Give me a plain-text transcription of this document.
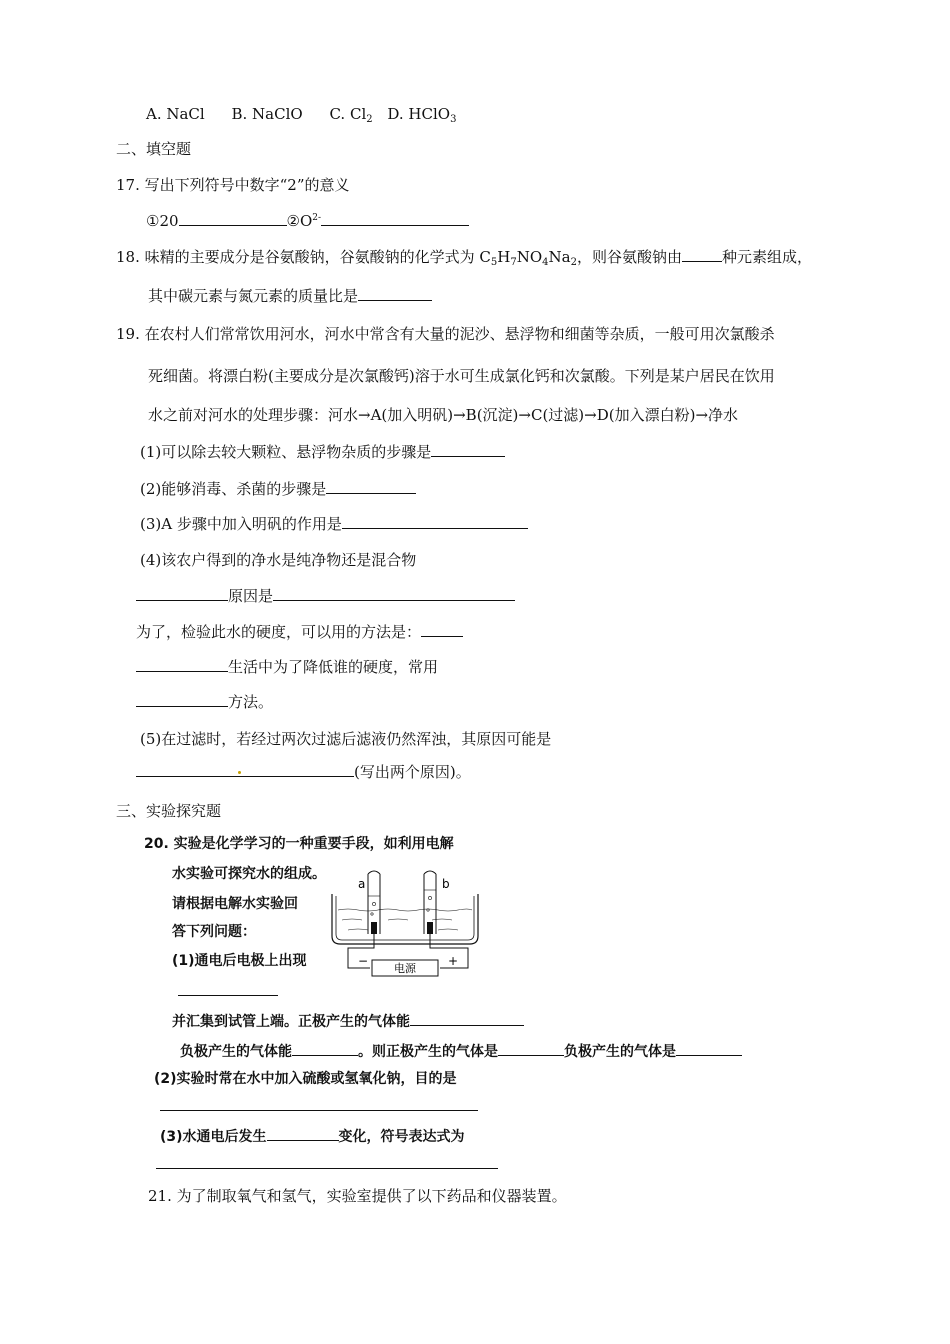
A. NaCl B. NaClO C. $Cl_2$ D. HClO$_3$
二、填空题
17. 写出下列符号中数字“2”的意义
①20	$②O^{2-}$
18. 味精的主要成分是谷氨酸钠，谷氨酸钠的化学式为 $C_5H_7NO_4Na_2$，则谷氨酸钠由	种元素组成，
其中碳元素与氮元素的质量比是
19. 在农村人们常常饮用河水，河水中常含有大量的泥沙、悬浮物和细菌等杂质，一般可用次氯酸杀
死细菌。将漂白粉(主要成分是次氯酸钙)溶于水可生成氯化钙和次氯酸。下列是某户居民在饮用
水之前对河水的处理步骤：河水→A(加入明矾)→B(沉淀)→C(过滤)→D(加入漂白粉)→净水
(1)可以除去较大颗粒、悬浮物杂质的步骤是
(2)能够消毒、杀菌的步骤是
(3)A 步骤中加入明矾的作用是
(4)该农户得到的净水是纯净物还是混合物
原因是
为了，检验此水的硬度，可以用的方法是：
生活中为了降低谁的硬度，常用
方法。
(5)在过滤时，若经过两次过滤后滤液仍然浑浊，其原因可能是
(写出两个原因)。
三、实验探究题
20. 实验是化学学习的一种重要手段，如利用电解
水实验可探究水的组成。
请根据电解水实验回
答下列问题：
(1)通电后电极上出现
并汇集到试管上端。正极产生的气体能
负极产生的气体能	。则正极产生的气体是	负极产生的气体是
(2)实验时常在水中加入硫酸或氢氧化钠，目的是
(3)水通电后发生	变化，符号表达式为
a	b
电源
−	+
21. 为了制取氧气和氢气，实验室提供了以下药品和仪器装置。
